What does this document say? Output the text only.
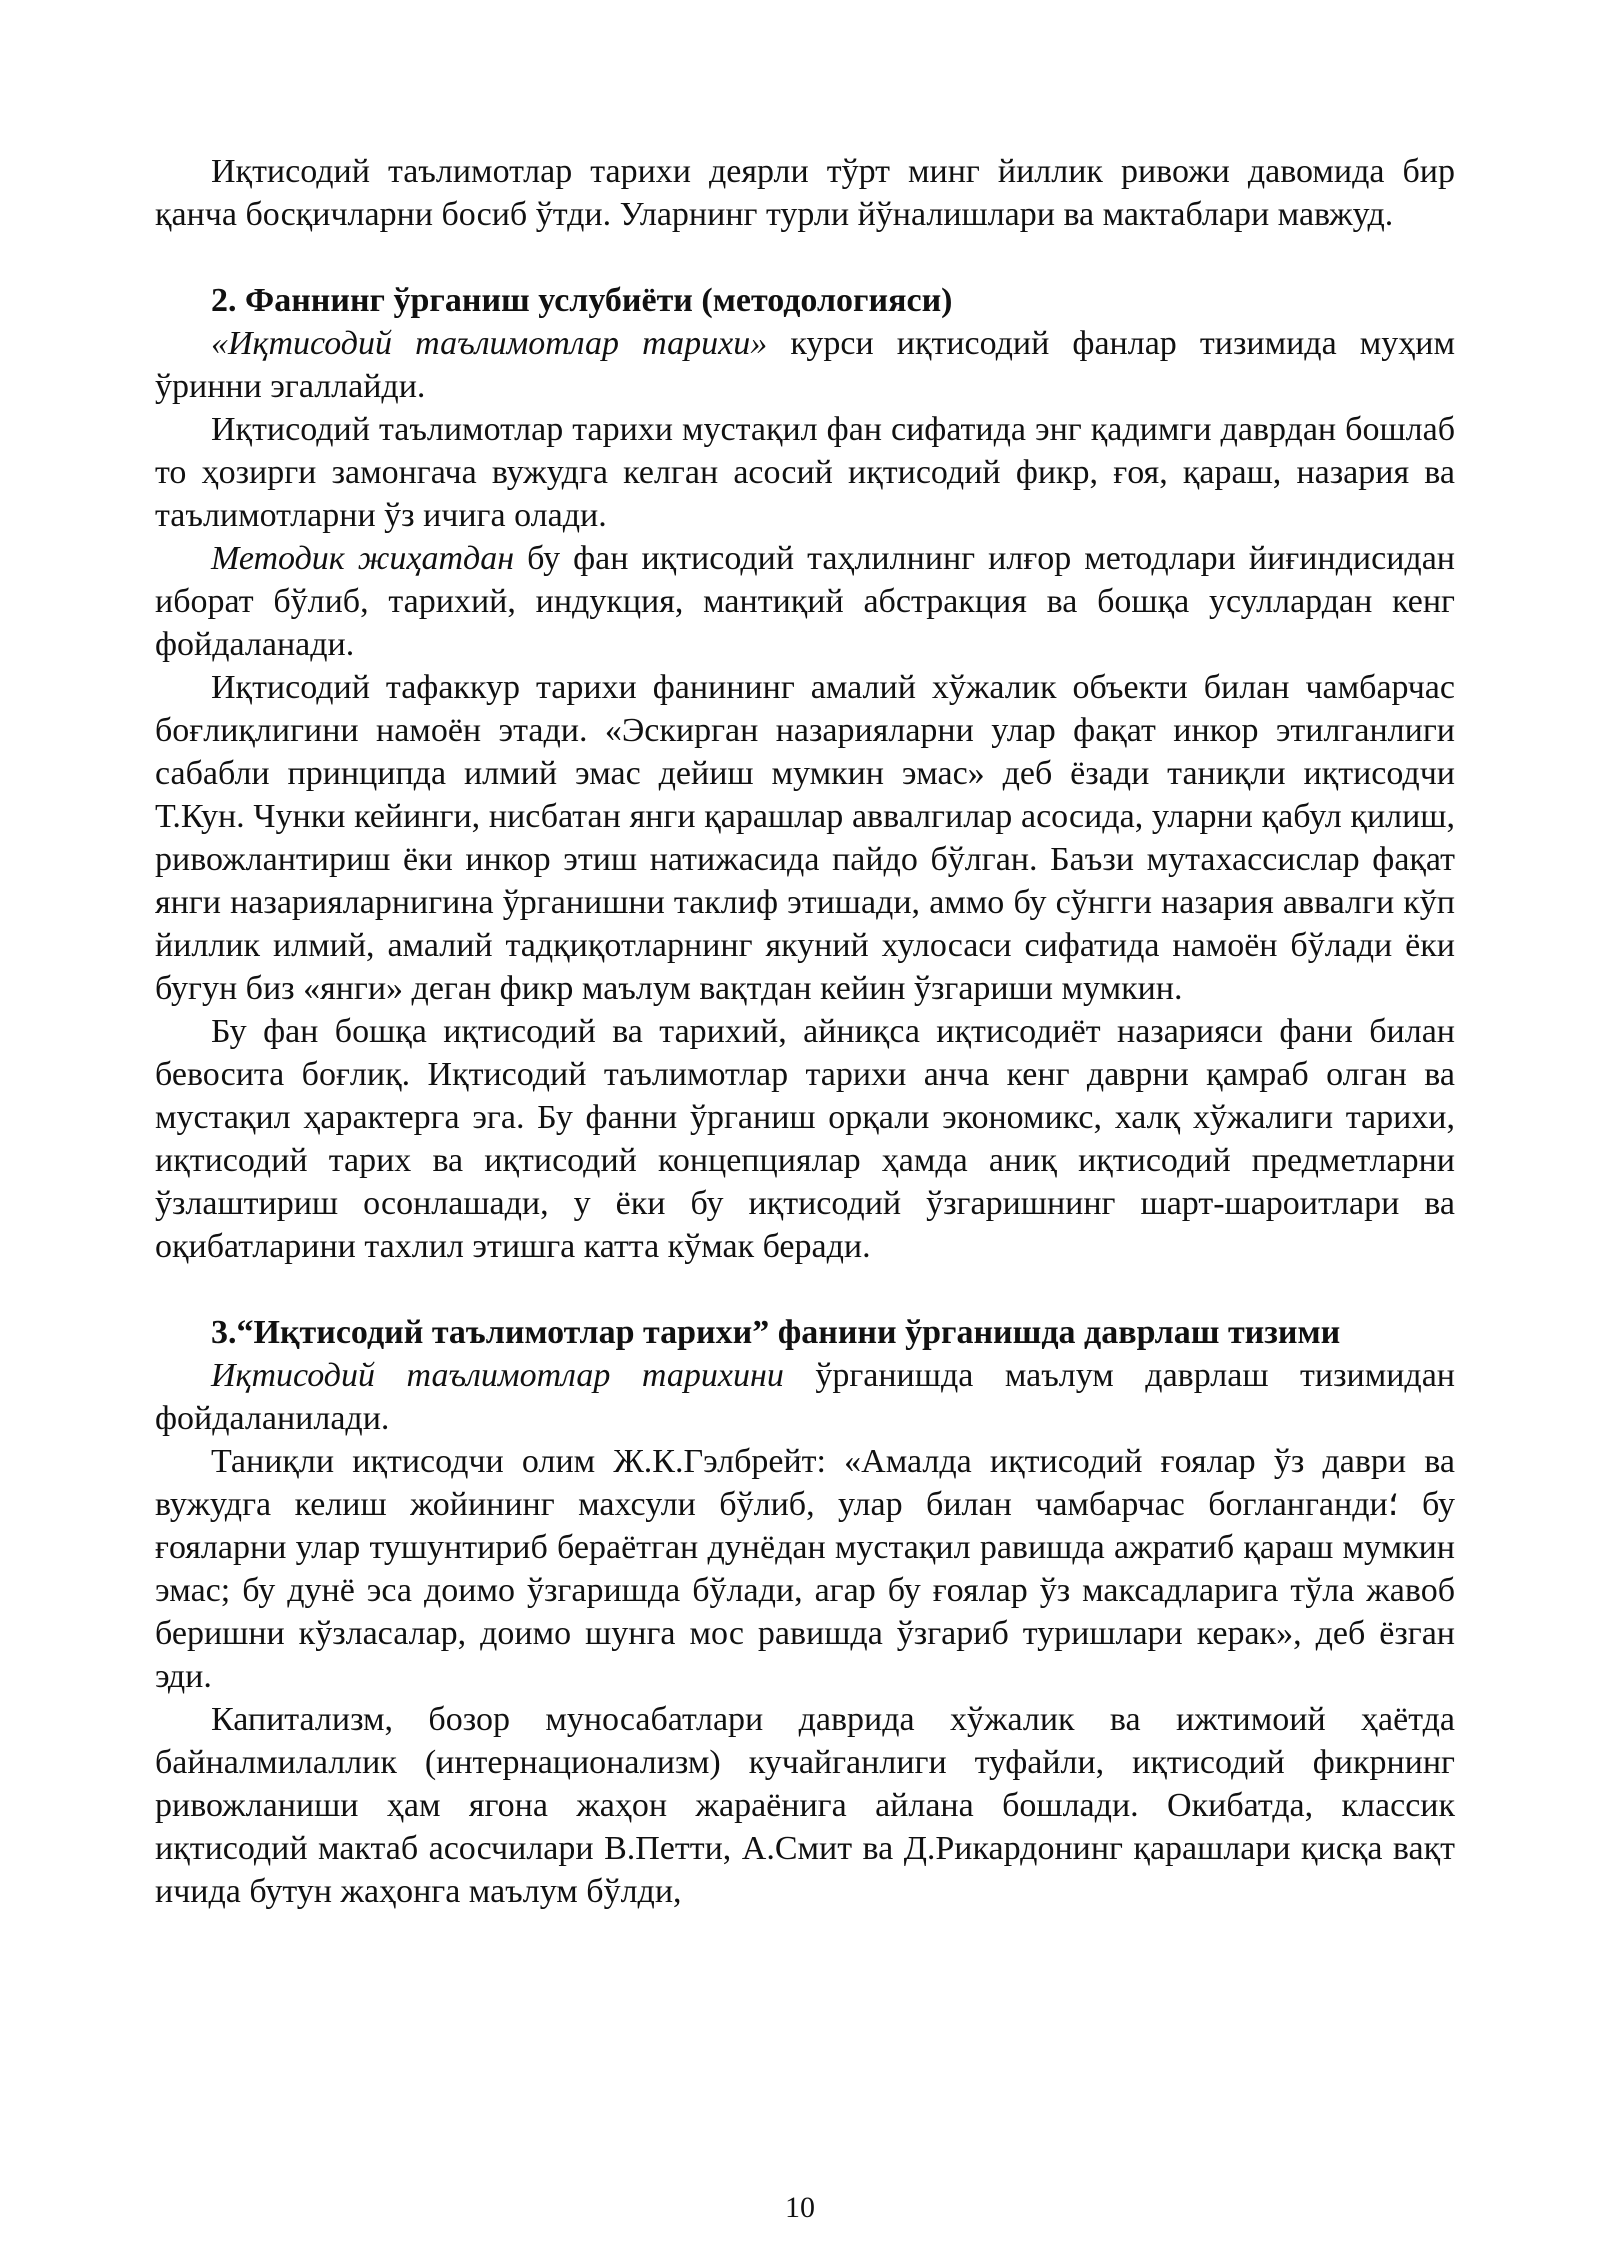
Иқтисодий таълимотлар тарихи деярли тўрт минг йиллик ривожи давомида бир қанча босқичларни босиб ўтди. Уларнинг турли йўналишлари ва мактаблари мавжуд.

2. Фаннинг ўрганиш услубиёти (методологияси)

«Иқтисодий таълимотлар тарихи» курси иқтисодий фанлар тизимида муҳим ўринни эгаллайди.

Иқтисодий таълимотлар тарихи мустақил фан сифатида энг қадимги даврдан бошлаб то ҳозирги замонгача вужудга келган асосий иқтисодий фикр, ғоя, қараш, назария ва таълимотларни ўз ичига олади.

Методик жиҳатдан бу фан иқтисодий таҳлилнинг илғор методлари йиғиндисидан иборат бўлиб, тарихий, индукция, мантиқий абстракция ва бошқа усуллардан кенг фойдаланади.

Иқтисодий тафаккур тарихи фанининг амалий хўжалик объекти билан чамбарчас боғлиқлигини намоён этади. «Эскирган назарияларни улар фақат инкор этилганлиги сабабли принципда илмий эмас дейиш мумкин эмас» деб ёзади таниқли иқтисодчи Т.Кун. Чунки кейинги, нисбатан янги қарашлар аввалгилар асосида, уларни қабул қилиш, ривожлантириш ёки инкор этиш натижасида пайдо бўлган. Баъзи мутахассислар фақат янги назарияларнигина ўрганишни таклиф этишади, аммо бу сўнгги назария аввалги кўп йиллик илмий, амалий тадқиқотларнинг якуний хулосаси сифатида намоён бўлади ёки бугун биз «янги» деган фикр маълум вақтдан кейин ўзгариши мумкин.

Бу фан бошқа иқтисодий ва тарихий, айниқса иқтисодиёт назарияси фани билан бевосита боғлиқ. Иқтисодий таълимотлар тарихи анча кенг даврни қамраб олган ва мустақил ҳарактерга эга. Бу фанни ўрганиш орқали экономикс, халқ хўжалиги тарихи, иқтисодий тарих ва иқтисодий концепциялар ҳамда аниқ иқтисодий предметларни ўзлаштириш осонлашади, у ёки бу иқтисодий ўзгаришнинг шарт-шароитлари ва оқибатларини тахлил этишга катта кўмак беради.

3.“Иқтисодий таълимотлар тарихи” фанини ўрганишда даврлаш тизими

Иқтисодий таълимотлар тарихини ўрганишда маълум даврлаш тизимидан фойдаланилади.

Таниқли иқтисодчи олим Ж.К.Гэлбрейт: «Амалда иқтисодий ғоялар ўз даври ва вужудга келиш жойининг махсули бўлиб, улар билан чамбарчас богланганди؛ бу ғояларни улар тушунтириб бераётган дунёдан мустақил равишда ажратиб қараш мумкин эмас; бу дунё эса доимо ўзгаришда бўлади, агар бу ғоялар ўз максадларига тўла жавоб беришни кўзласалар, доимо шунга мос равишда ўзгариб туришлари керак», деб ёзган эди.

Капитализм, бозор муносабатлари даврида хўжалик ва ижтимоий ҳаётда байналмилаллик (интернационализм) кучайганлиги туфайли, иқтисодий фикрнинг ривожланиши ҳам ягона жаҳон жараёнига айлана бошлади. Окибатда, классик иқтисодий мактаб асосчилари В.Петти, А.Смит ва Д.Рикардонинг қарашлари қисқа вақт ичида бутун жаҳонга маълум бўлди,

10
